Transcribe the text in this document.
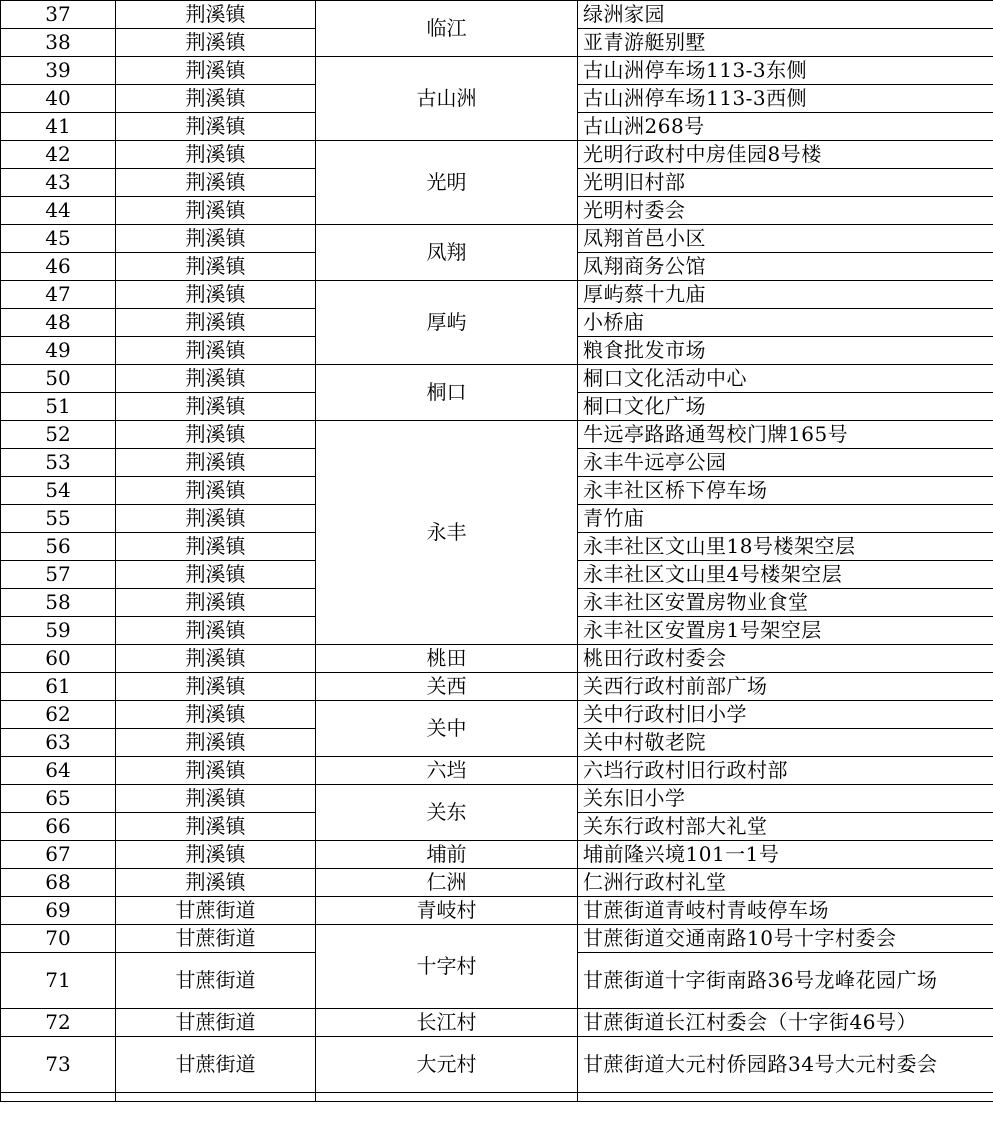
37	荆溪镇	临江	绿洲家园
38	荆溪镇		亚青游艇别墅
39	荆溪镇	古山洲	古山洲停车场113-3东侧
40	荆溪镇		古山洲停车场113-3西侧
41	荆溪镇		古山洲268号
42	荆溪镇	光明	光明行政村中房佳园8号楼
43	荆溪镇		光明旧村部
44	荆溪镇		光明村委会
45	荆溪镇	凤翔	凤翔首邑小区
46	荆溪镇		凤翔商务公馆
47	荆溪镇	厚屿	厚屿蔡十九庙
48	荆溪镇		小桥庙
49	荆溪镇		粮食批发市场
50	荆溪镇	桐口	桐口文化活动中心
51	荆溪镇		桐口文化广场
52	荆溪镇	永丰	牛远亭路路通驾校门牌165号
53	荆溪镇		永丰牛远亭公园
54	荆溪镇		永丰社区桥下停车场
55	荆溪镇		青竹庙
56	荆溪镇		永丰社区文山里18号楼架空层
57	荆溪镇		永丰社区文山里4号楼架空层
58	荆溪镇		永丰社区安置房物业食堂
59	荆溪镇		永丰社区安置房1号架空层
60	荆溪镇	桃田	桃田行政村委会
61	荆溪镇	关西	关西行政村前部广场
62	荆溪镇	关中	关中行政村旧小学
63	荆溪镇		关中村敬老院
64	荆溪镇	六垱	六垱行政村旧行政村部
65	荆溪镇	关东	关东旧小学
66	荆溪镇		关东行政村部大礼堂
67	荆溪镇	埔前	埔前隆兴境101一1号
68	荆溪镇	仁洲	仁洲行政村礼堂
69	甘蔗街道	青岐村	甘蔗街道青岐村青岐停车场
70	甘蔗街道	十字村	甘蔗街道交通南路10号十字村委会
71	甘蔗街道		甘蔗街道十字街南路36号龙峰花园广场
72	甘蔗街道	长江村	甘蔗街道长江村委会（十字街46号）
73	甘蔗街道	大元村	甘蔗街道大元村侨园路34号大元村委会
